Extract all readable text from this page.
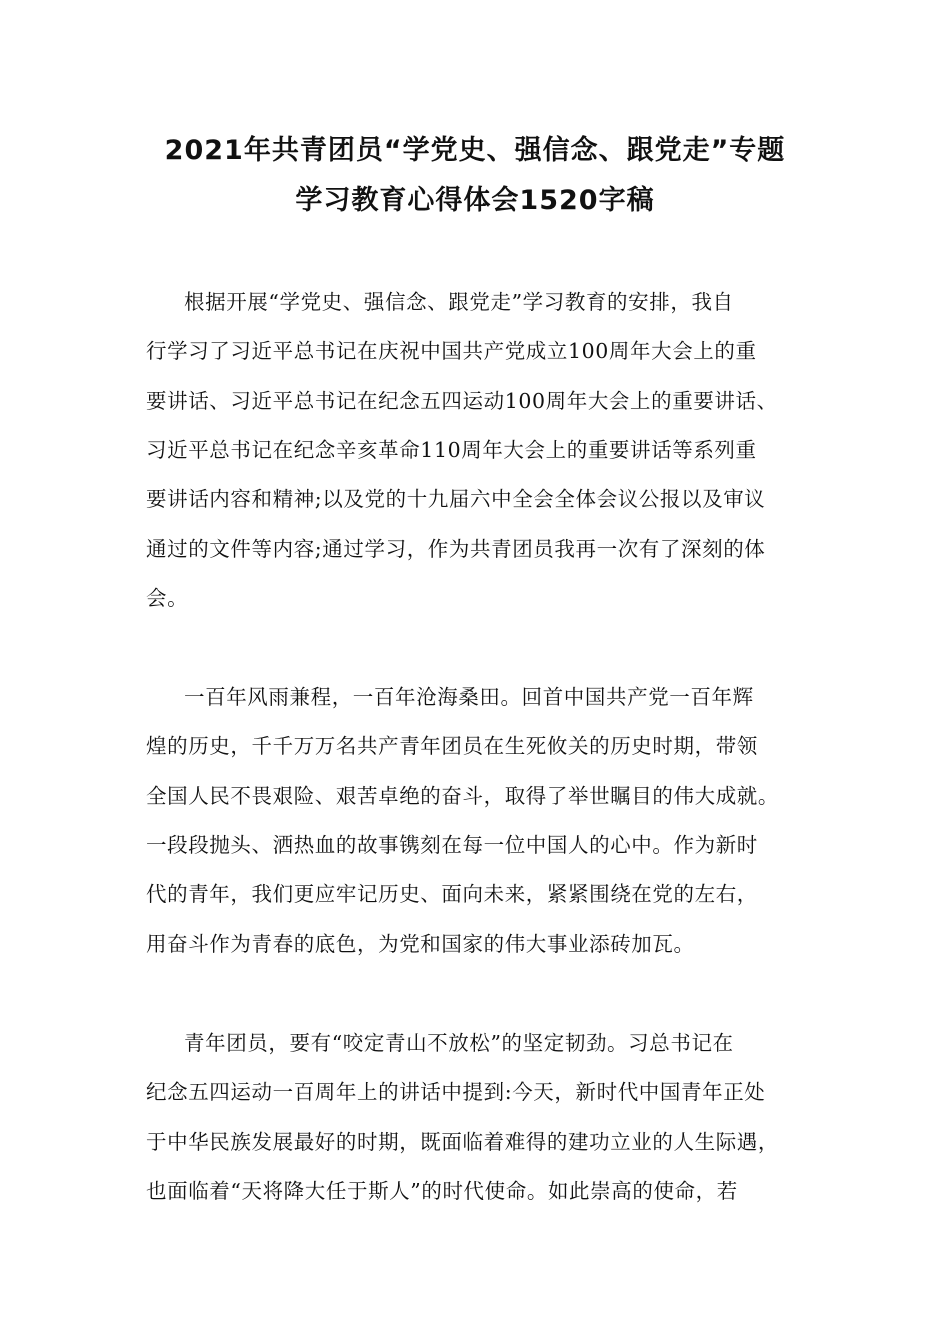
2021年共青团员“学党史、强信念、跟党走”专题
学习教育心得体会1520字稿
根据开展“学党史、强信念、跟党走”学习教育的安排，我自
行学习了习近平总书记在庆祝中国共产党成立100周年大会上的重
要讲话、习近平总书记在纪念五四运动100周年大会上的重要讲话、
习近平总书记在纪念辛亥革命110周年大会上的重要讲话等系列重
要讲话内容和精神;以及党的十九届六中全会全体会议公报以及审议
通过的文件等内容;通过学习，作为共青团员我再一次有了深刻的体
会。
一百年风雨兼程，一百年沧海桑田。回首中国共产党一百年辉
煌的历史，千千万万名共产青年团员在生死攸关的历史时期，带领
全国人民不畏艰险、艰苦卓绝的奋斗，取得了举世瞩目的伟大成就。
一段段抛头、洒热血的故事镌刻在每一位中国人的心中。作为新时
代的青年，我们更应牢记历史、面向未来，紧紧围绕在党的左右，
用奋斗作为青春的底色，为党和国家的伟大事业添砖加瓦。
青年团员，要有“咬定青山不放松”的坚定韧劲。习总书记在
纪念五四运动一百周年上的讲话中提到:今天，新时代中国青年正处
于中华民族发展最好的时期，既面临着难得的建功立业的人生际遇，
也面临着“天将降大任于斯人”的时代使命。如此崇高的使命，若
